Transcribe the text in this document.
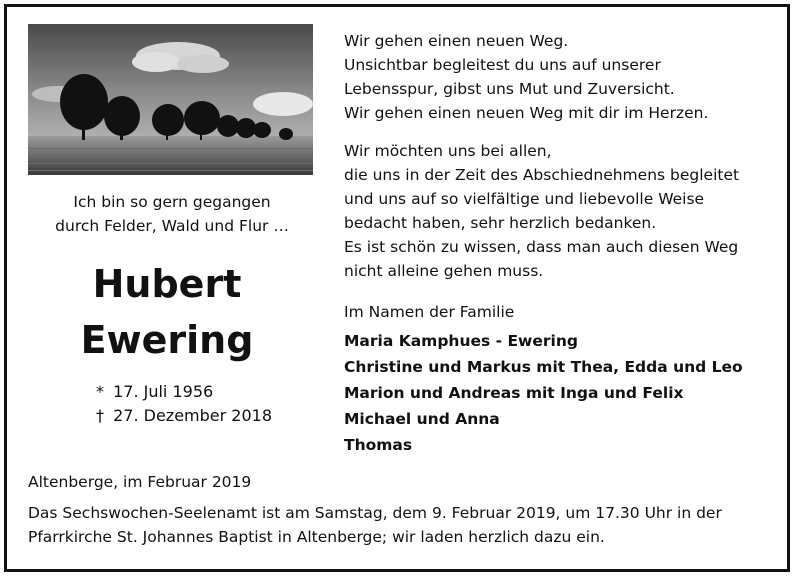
Ich bin so gern gegangen
durch Felder, Wald und Flur …
Hubert
Ewering
* 17. Juli 1956
† 27. Dezember 2018
Wir gehen einen neuen Weg.
Unsichtbar begleitest du uns auf unserer
Lebensspur, gibst uns Mut und Zuversicht.
Wir gehen einen neuen Weg mit dir im Herzen.
Wir möchten uns bei allen,
die uns in der Zeit des Abschiednehmens begleitet
und uns auf so vielfältige und liebevolle Weise
bedacht haben, sehr herzlich bedanken.
Es ist schön zu wissen, dass man auch diesen Weg
nicht alleine gehen muss.
Im Namen der Familie
Maria Kamphues - Ewering
Christine und Markus mit Thea, Edda und Leo
Marion und Andreas mit Inga und Felix
Michael und Anna
Thomas
Altenberge, im Februar 2019
Das Sechswochen-Seelenamt ist am Samstag, dem 9. Februar 2019, um 17.30 Uhr in der
Pfarrkirche St. Johannes Baptist in Altenberge; wir laden herzlich dazu ein.
